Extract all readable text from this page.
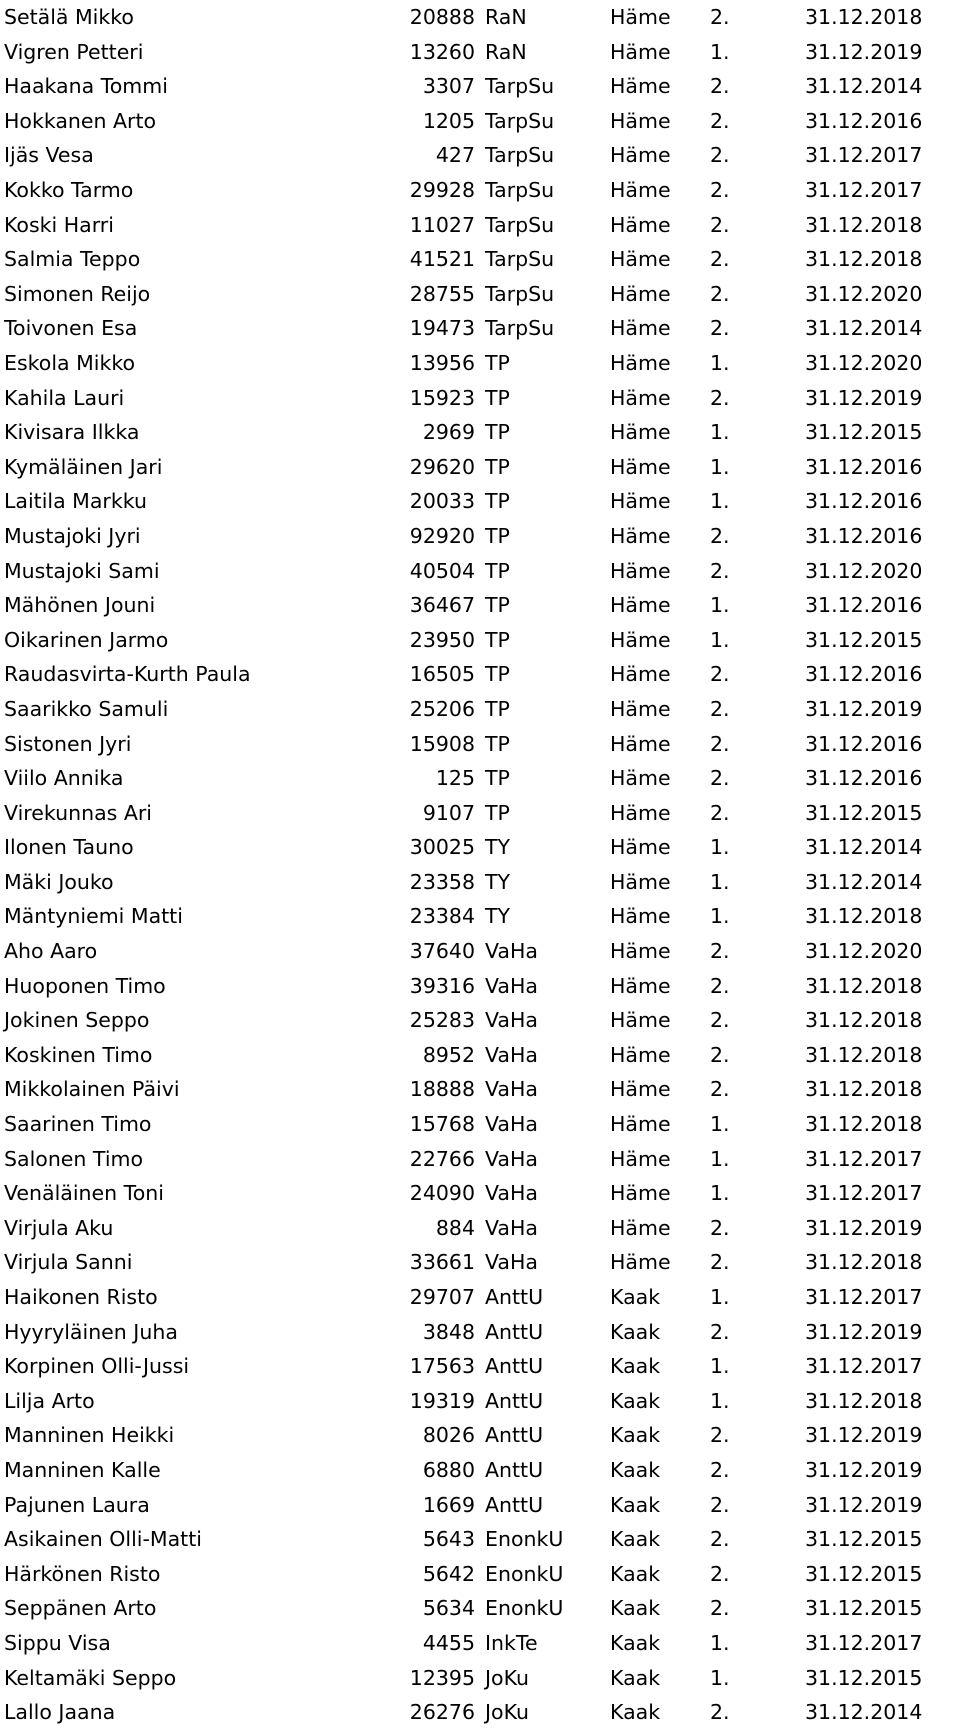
Setälä Mikko	20888	RaN	Häme	2.	31.12.2018
Vigren Petteri	13260	RaN	Häme	1.	31.12.2019
Haakana Tommi	3307	TarpSu	Häme	2.	31.12.2014
Hokkanen Arto	1205	TarpSu	Häme	2.	31.12.2016
Ijäs Vesa	427	TarpSu	Häme	2.	31.12.2017
Kokko Tarmo	29928	TarpSu	Häme	2.	31.12.2017
Koski Harri	11027	TarpSu	Häme	2.	31.12.2018
Salmia Teppo	41521	TarpSu	Häme	2.	31.12.2018
Simonen Reijo	28755	TarpSu	Häme	2.	31.12.2020
Toivonen Esa	19473	TarpSu	Häme	2.	31.12.2014
Eskola Mikko	13956	TP	Häme	1.	31.12.2020
Kahila Lauri	15923	TP	Häme	2.	31.12.2019
Kivisara Ilkka	2969	TP	Häme	1.	31.12.2015
Kymäläinen Jari	29620	TP	Häme	1.	31.12.2016
Laitila Markku	20033	TP	Häme	1.	31.12.2016
Mustajoki Jyri	92920	TP	Häme	2.	31.12.2016
Mustajoki Sami	40504	TP	Häme	2.	31.12.2020
Mähönen Jouni	36467	TP	Häme	1.	31.12.2016
Oikarinen Jarmo	23950	TP	Häme	1.	31.12.2015
Raudasvirta-Kurth Paula	16505	TP	Häme	2.	31.12.2016
Saarikko Samuli	25206	TP	Häme	2.	31.12.2019
Sistonen Jyri	15908	TP	Häme	2.	31.12.2016
Viilo Annika	125	TP	Häme	2.	31.12.2016
Virekunnas Ari	9107	TP	Häme	2.	31.12.2015
Ilonen Tauno	30025	TY	Häme	1.	31.12.2014
Mäki Jouko	23358	TY	Häme	1.	31.12.2014
Mäntyniemi Matti	23384	TY	Häme	1.	31.12.2018
Aho Aaro	37640	VaHa	Häme	2.	31.12.2020
Huoponen Timo	39316	VaHa	Häme	2.	31.12.2018
Jokinen Seppo	25283	VaHa	Häme	2.	31.12.2018
Koskinen Timo	8952	VaHa	Häme	2.	31.12.2018
Mikkolainen Päivi	18888	VaHa	Häme	2.	31.12.2018
Saarinen Timo	15768	VaHa	Häme	1.	31.12.2018
Salonen Timo	22766	VaHa	Häme	1.	31.12.2017
Venäläinen Toni	24090	VaHa	Häme	1.	31.12.2017
Virjula Aku	884	VaHa	Häme	2.	31.12.2019
Virjula Sanni	33661	VaHa	Häme	2.	31.12.2018
Haikonen Risto	29707	AnttU	Kaak	1.	31.12.2017
Hyyryläinen Juha	3848	AnttU	Kaak	2.	31.12.2019
Korpinen Olli-Jussi	17563	AnttU	Kaak	1.	31.12.2017
Lilja Arto	19319	AnttU	Kaak	1.	31.12.2018
Manninen Heikki	8026	AnttU	Kaak	2.	31.12.2019
Manninen Kalle	6880	AnttU	Kaak	2.	31.12.2019
Pajunen Laura	1669	AnttU	Kaak	2.	31.12.2019
Asikainen Olli-Matti	5643	EnonkU	Kaak	2.	31.12.2015
Härkönen Risto	5642	EnonkU	Kaak	2.	31.12.2015
Seppänen Arto	5634	EnonkU	Kaak	2.	31.12.2015
Sippu Visa	4455	InkTe	Kaak	1.	31.12.2017
Keltamäki Seppo	12395	JoKu	Kaak	1.	31.12.2015
Lallo Jaana	26276	JoKu	Kaak	2.	31.12.2014
